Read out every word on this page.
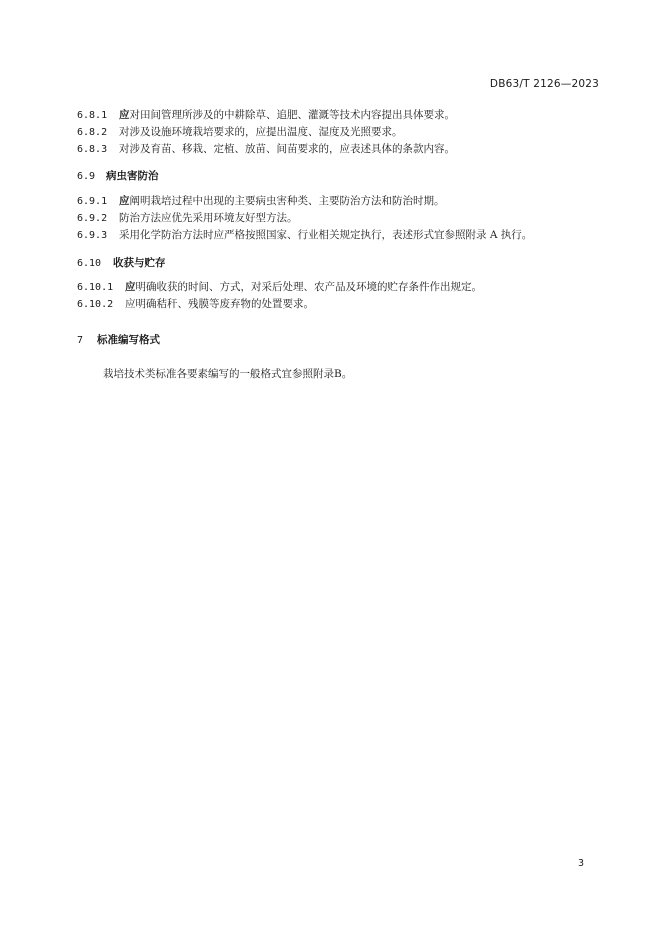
DB63/T 2126—2023
6.8.1 应对田间管理所涉及的中耕除草、追肥、灌溉等技术内容提出具体要求。
6.8.2 对涉及设施环境栽培要求的，应提出温度、湿度及光照要求。
6.8.3 对涉及育苗、移栽、定植、放苗、间苗要求的，应表述具体的条款内容。
6.9 病虫害防治
6.9.1 应阐明栽培过程中出现的主要病虫害种类、主要防治方法和防治时期。
6.9.2 防治方法应优先采用环境友好型方法。
6.9.3 采用化学防治方法时应严格按照国家、行业相关规定执行，表述形式宜参照附录 A 执行。
6.10 收获与贮存
6.10.1 应明确收获的时间、方式，对采后处理、农产品及环境的贮存条件作出规定。
6.10.2 应明确秸秆、残膜等废弃物的处置要求。
7 标准编写格式
栽培技术类标准各要素编写的一般格式宜参照附录B。
3
